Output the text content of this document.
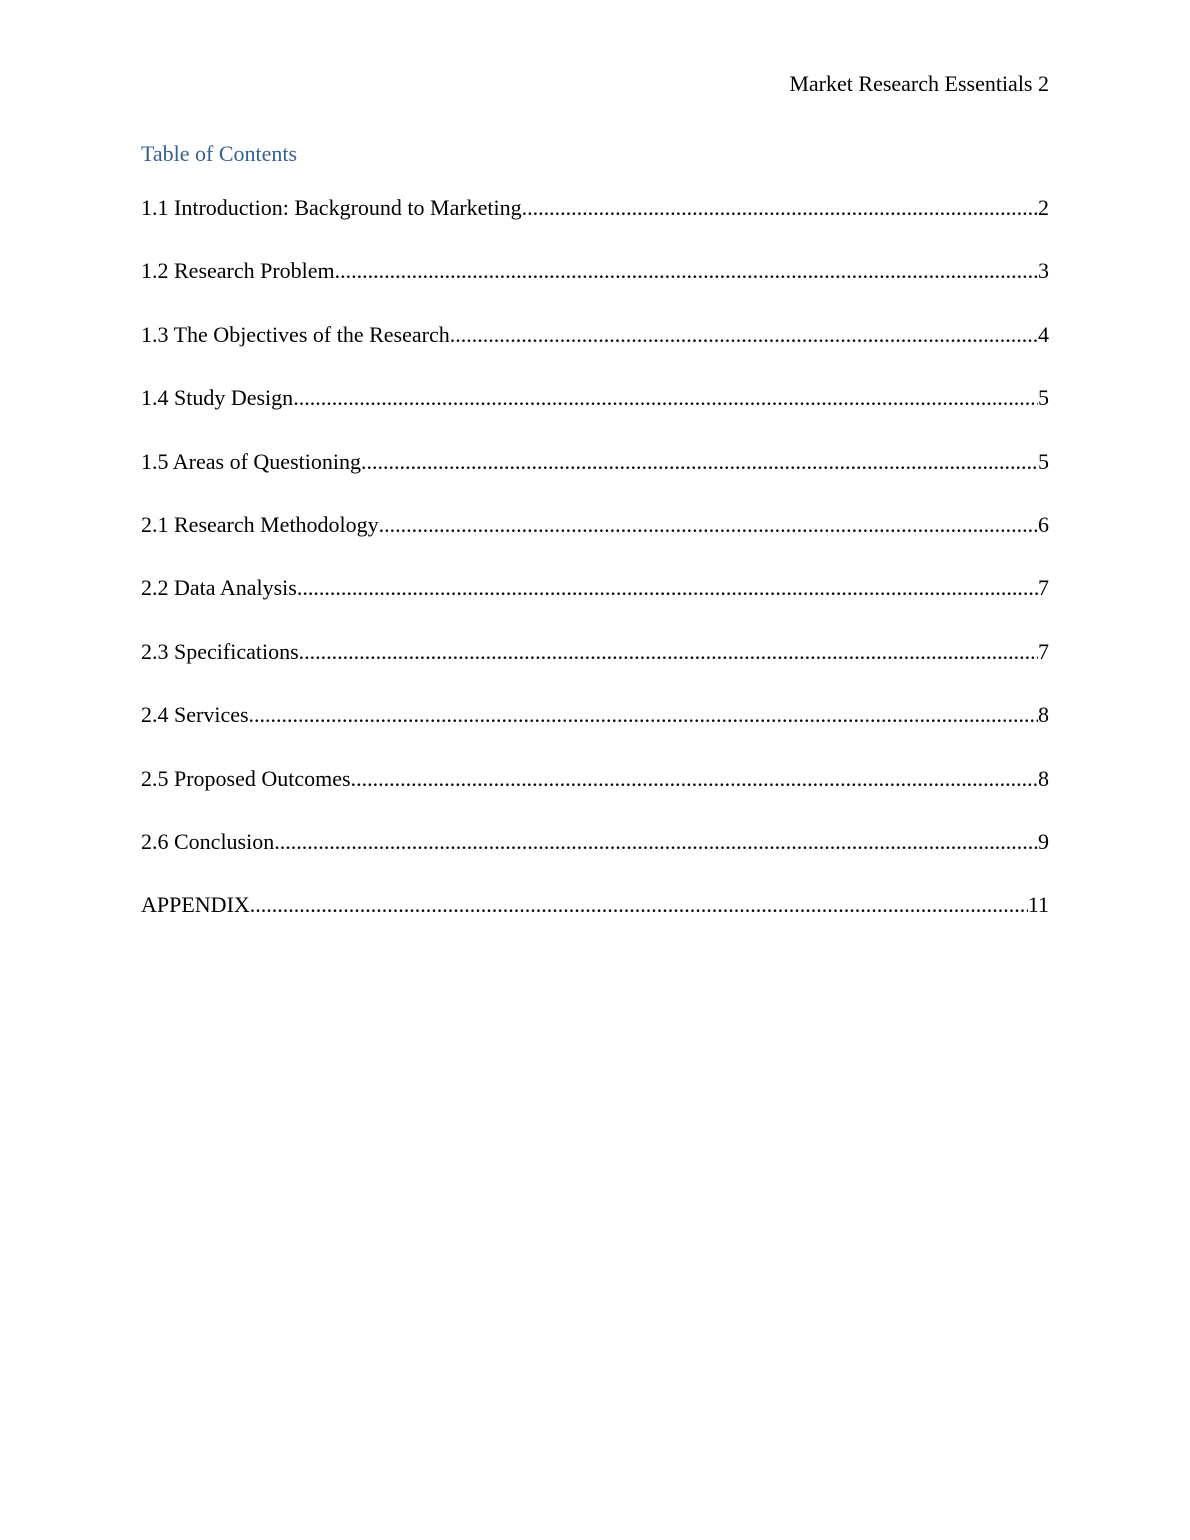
Market Research Essentials 2
Table of Contents
1.1 Introduction: Background to Marketing .....	2
1.2 Research Problem .....	3
1.3 The Objectives of the Research .....	4
1.4 Study Design .....	5
1.5 Areas of Questioning .....	5
2.1 Research Methodology .....	6
2.2 Data Analysis .....	7
2.3 Specifications .....	7
2.4 Services .....	8
2.5 Proposed Outcomes .....	8
2.6 Conclusion .....	9
APPENDIX .....	11
